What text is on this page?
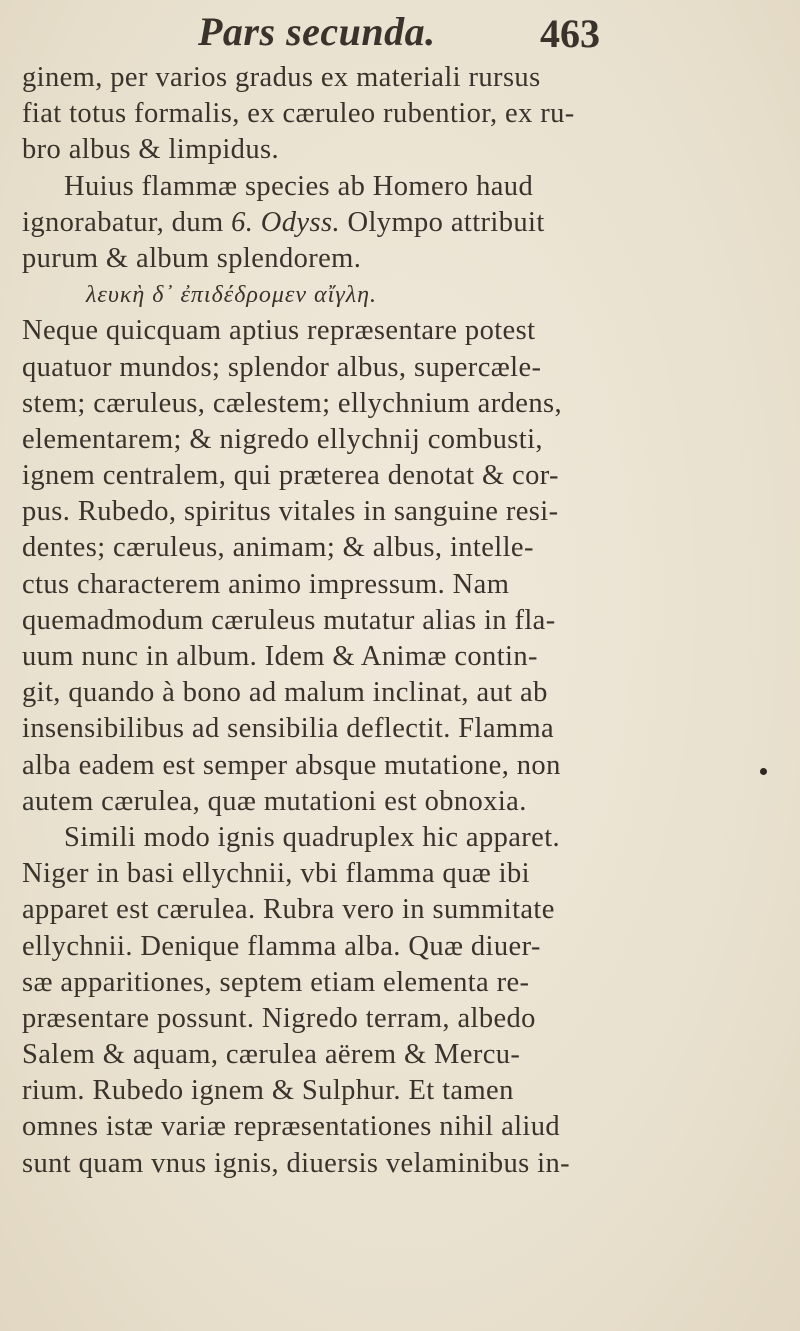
Pars secunda.	463
ginem, per varios gradus ex materiali rursus
fiat totus formalis, ex cæruleo rubentior, ex ru-
bro albus & limpidus.
Huius flammæ species ab Homero haud
ignorabatur, dum 6. Odyss. Olympo attribuit
purum & album splendorem.
λευκὴ δ᾽ ἐπιδέδρομεν αἴγλη.
Neque quicquam aptius repræsentare potest
quatuor mundos; splendor albus, supercæle-
stem; cæruleus, cælestem; ellychnium ardens,
elementarem; & nigredo ellychnij combusti,
ignem centralem, qui præterea denotat & cor-
pus. Rubedo, spiritus vitales in sanguine resi-
dentes; cæruleus, animam; & albus, intelle-
ctus characterem animo impressum. Nam
quemadmodum cæruleus mutatur alias in fla-
uum nunc in album. Idem & Animæ contin-
git, quando à bono ad malum inclinat, aut ab
insensibilibus ad sensibilia deflectit. Flamma
alba eadem est semper absque mutatione, non
autem cærulea, quæ mutationi est obnoxia.
Simili modo ignis quadruplex hic apparet.
Niger in basi ellychnii, vbi flamma quæ ibi
apparet est cærulea. Rubra vero in summitate
ellychnii. Denique flamma alba. Quæ diuer-
sæ apparitiones, septem etiam elementa re-
præsentare possunt. Nigredo terram, albedo
Salem & aquam, cærulea aërem & Mercu-
rium. Rubedo ignem & Sulphur. Et tamen
omnes istæ variæ repræsentationes nihil aliud
sunt quam vnus ignis, diuersis velaminibus in-
